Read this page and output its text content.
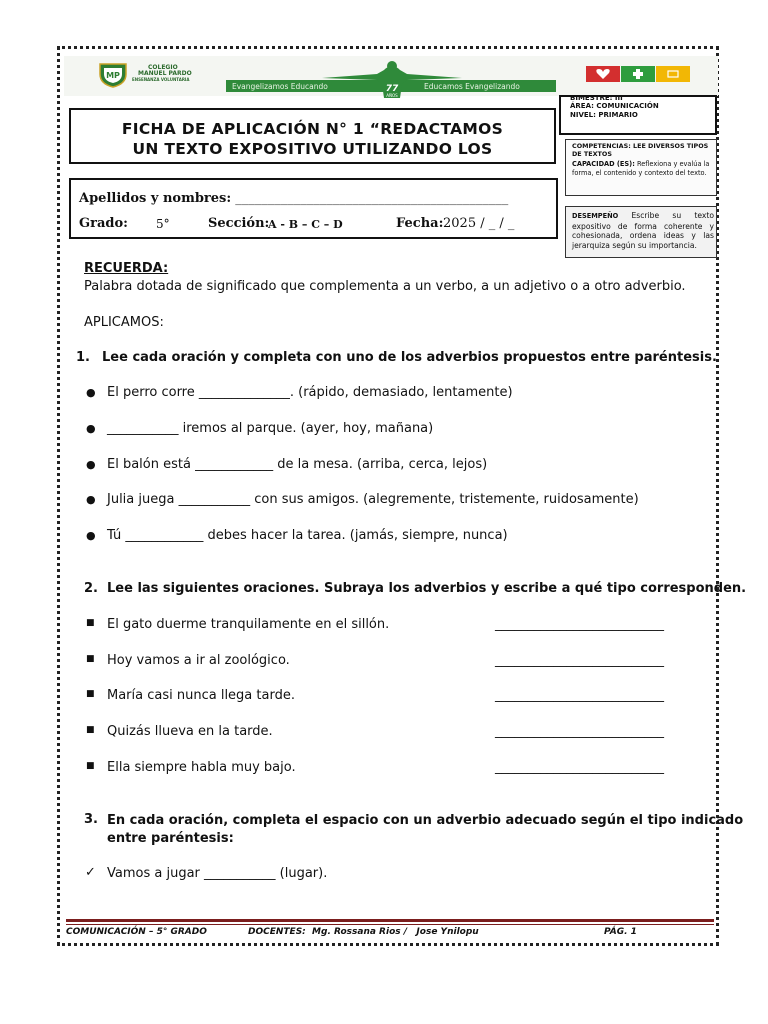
MP
COLEGIO
MANUEL PARDO
ENSEÑANZA VOLUNTARIA
Evangelizamos Educando	Educamos Evangelizando
77
AÑOS	BIMESTRE: III
ÁREA: COMUNICACIÓN
NIVEL: PRIMARIO
FICHA DE APLICACIÓN N° 1 “REDACTAMOS
UN TEXTO EXPOSITIVO UTILIZANDO LOS	COMPETENCIAS: LEE DIVERSOS TIPOS DE TEXTOS
CAPACIDAD (ES): Reflexiona y evalúa la forma, el contenido y contexto del texto.
DESEMPEÑO Escribe su texto expositivo de forma coherente y cohesionada, ordena ideas y las jerarquiza según su importancia.
Apellidos y nombres: __________________________________________
Grado: 5°	Sección:
A - B – C – D	Fecha: 2025 / _ / _
RECUERDA:
Palabra dotada de significado que complementa a un verbo, a un adjetivo o a otro adverbio.
APLICAMOS:
1. Lee cada oración y completa con uno de los adverbios propuestos entre paréntesis.
● El perro corre ______________. (rápido, demasiado, lentamente)
● ___________ iremos al parque. (ayer, hoy, mañana)
● El balón está ____________ de la mesa. (arriba, cerca, lejos)
● Julia juega ___________ con sus amigos. (alegremente, tristemente, ruidosamente)
● Tú ____________ debes hacer la tarea. (jamás, siempre, nunca)
2. Lee las siguientes oraciones. Subraya los adverbios y escribe a qué tipo corresponden.
■ El gato duerme tranquilamente en el sillón.	__________________________
■ Hoy vamos a ir al zoológico.	__________________________
■ María casi nunca llega tarde.	__________________________
■ Quizás llueva en la tarde.	__________________________
■ Ella siempre habla muy bajo.	__________________________
3. En cada oración, completa el espacio con un adverbio adecuado según el tipo indicado
entre paréntesis:
✓ Vamos a jugar ___________ (lugar).
COMUNICACIÓN – 5° GRADO	DOCENTES:  Mg. Rossana Rios /   Jose Ynilopu	PÁG. 1
